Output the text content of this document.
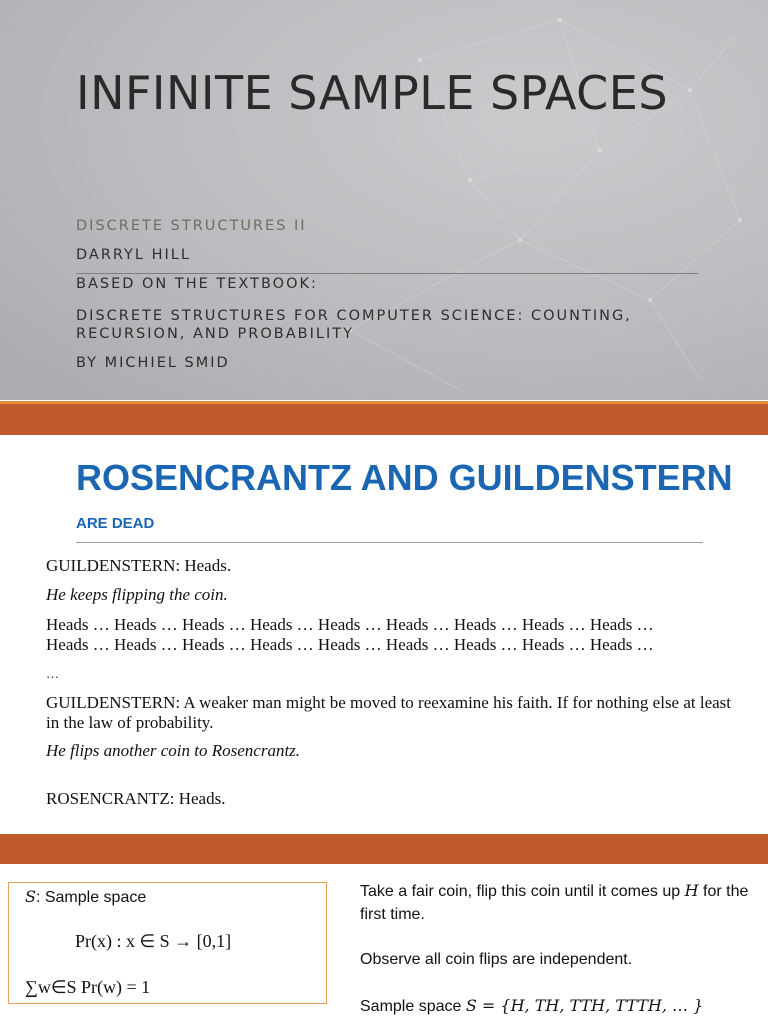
INFINITE SAMPLE SPACES
DISCRETE STRUCTURES II
DARRYL HILL
BASED ON THE TEXTBOOK:
DISCRETE STRUCTURES FOR COMPUTER SCIENCE: COUNTING, RECURSION, AND PROBABILITY
BY MICHIEL SMID
ROSENCRANTZ AND GUILDENSTERN ARE DEAD

GUILDENSTERN: Heads.

He keeps flipping the coin.

Heads … Heads … Heads … Heads … Heads … Heads … Heads … Heads … Heads …

Heads … Heads … Heads … Heads … Heads … Heads … Heads … Heads … Heads …

…

GUILDENSTERN: A weaker man might be moved to reexamine his faith. If for nothing else at least in the law of probability.

He flips another coin to Rosencrantz.

ROSENCRANTZ: Heads.

S: Sample space
Pr(x) : x ∈ S → [0,1]
∑w∈S Pr(w) = 1
Take a fair coin, flip this coin until it comes up H for the first time.
Observe all coin flips are independent.
Sample space S = {H, TH, TTH, TTTH, … }
